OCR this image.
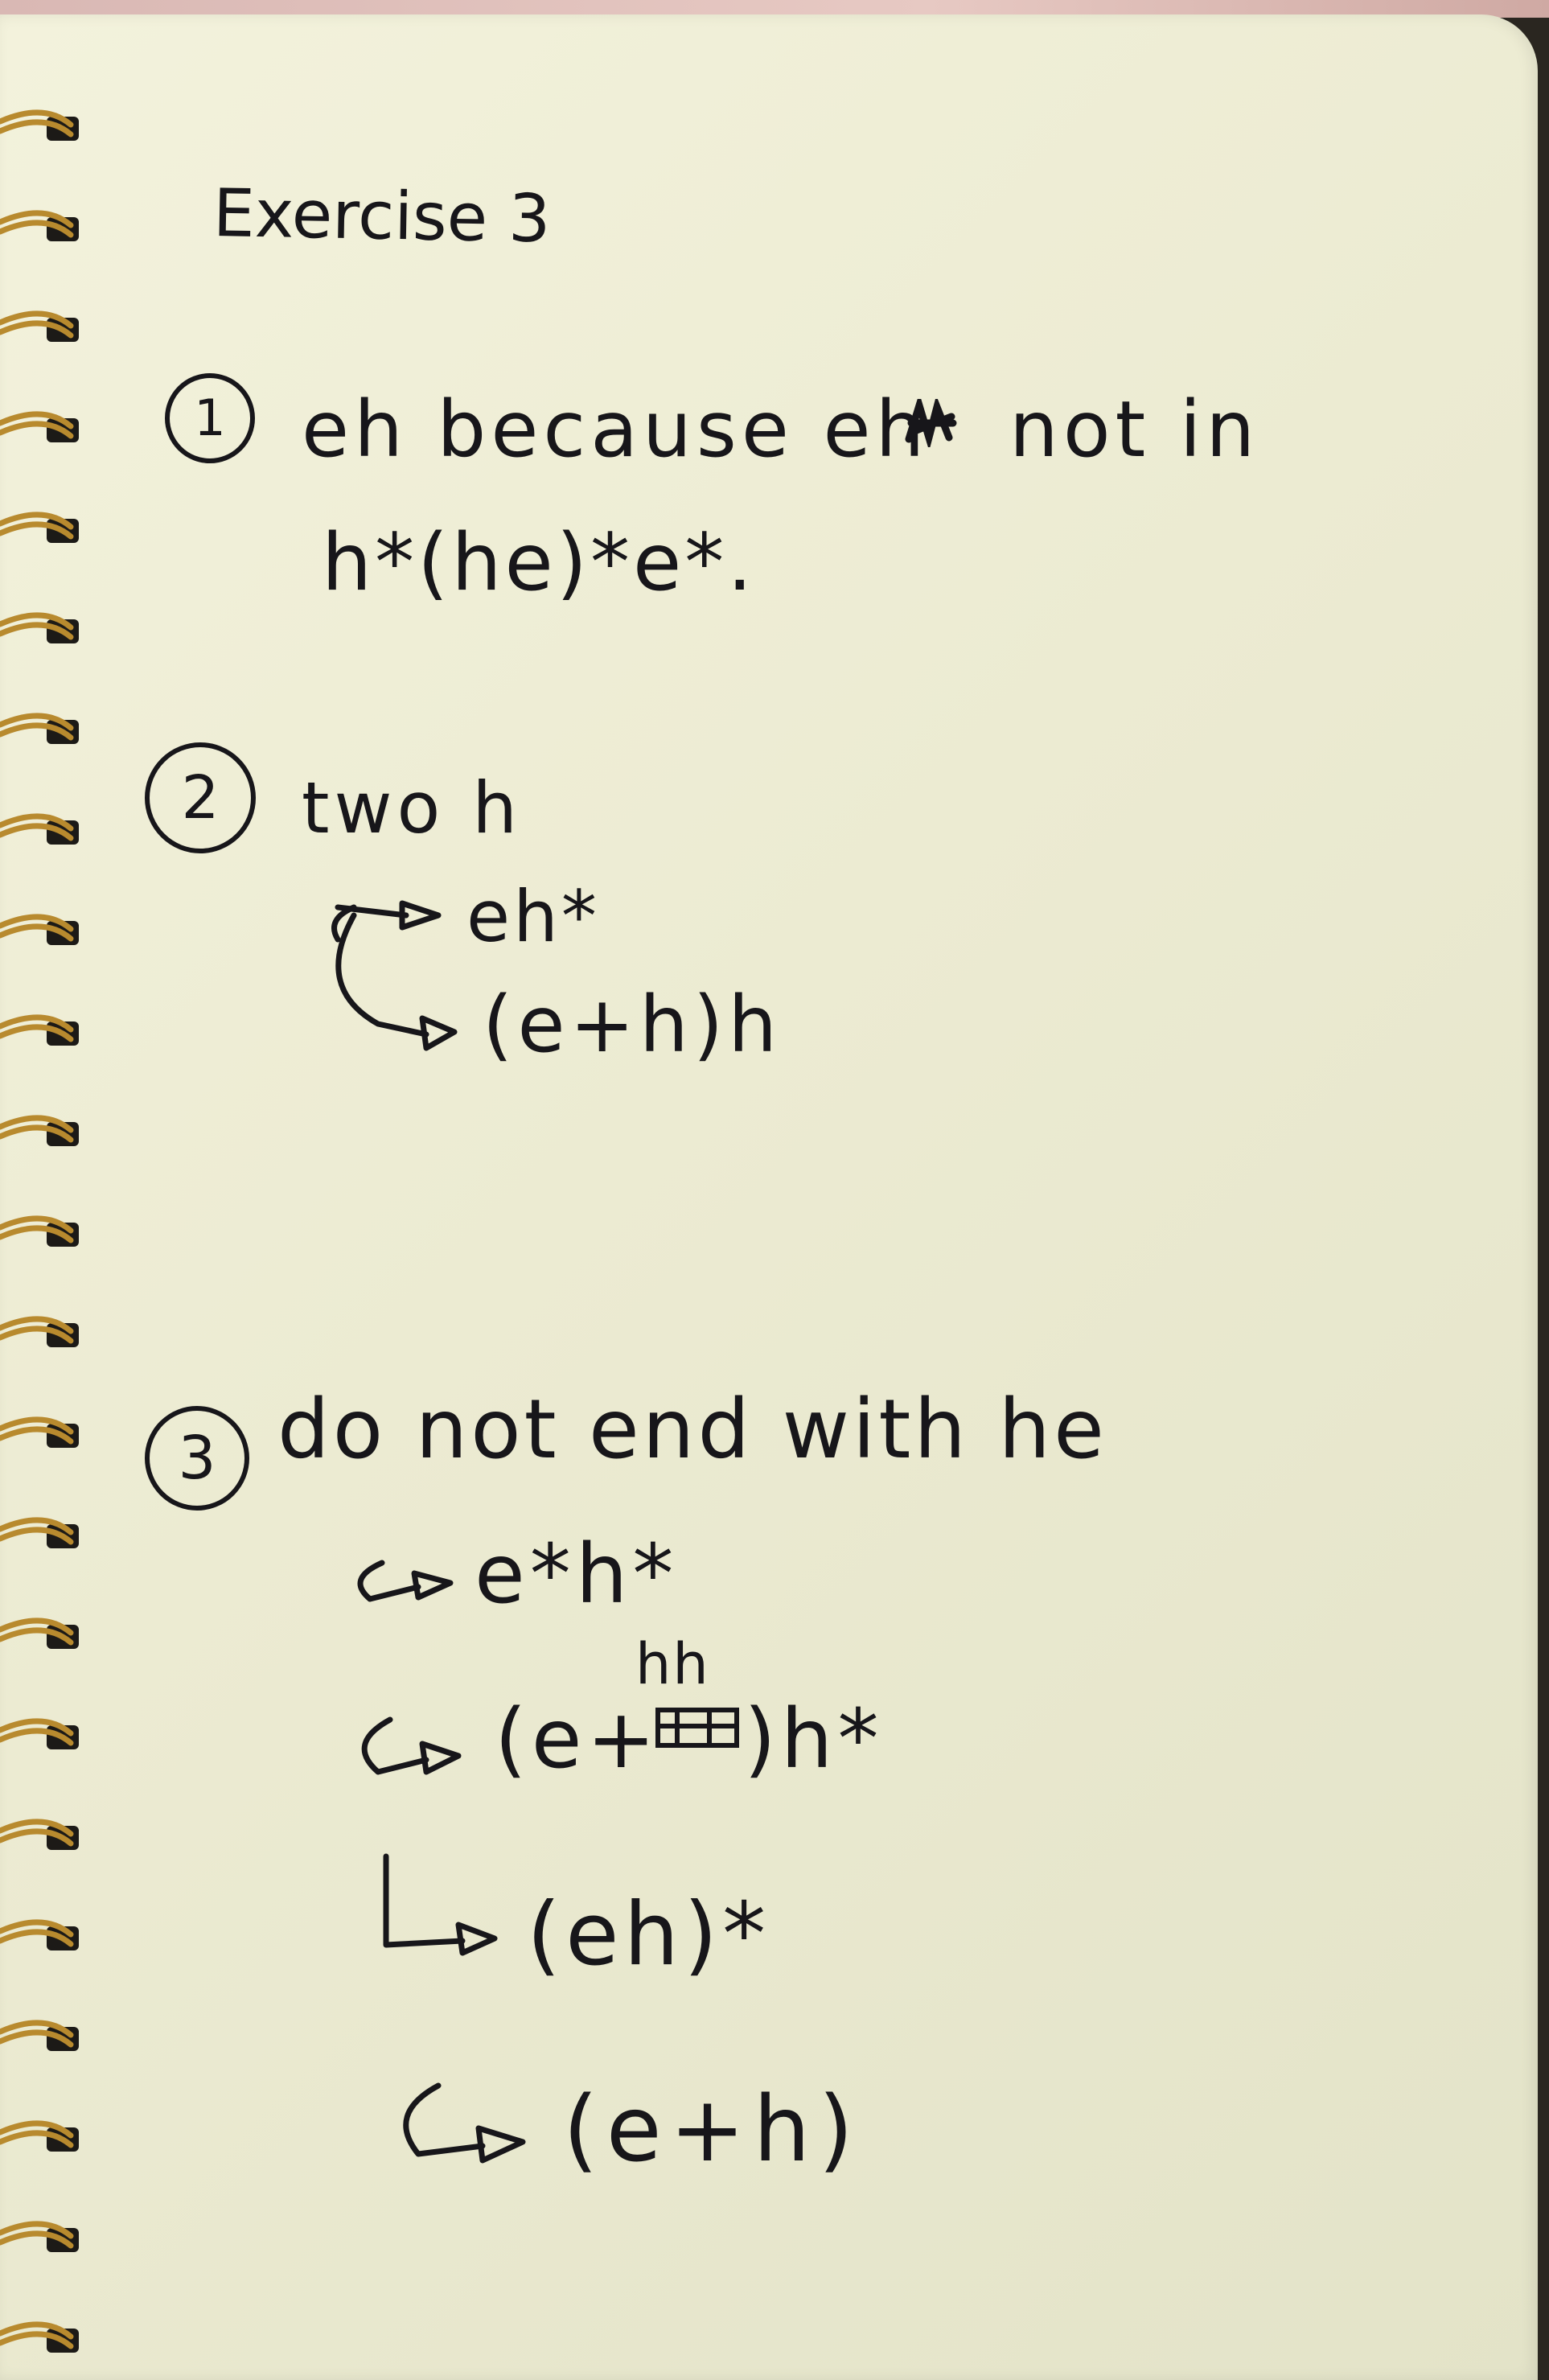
Exercise 3
1 eh because eh not in
h*(he)*e*.
2	two h
eh*
(e+h)h
3 do not end with he
e*h*
hh
(e+ )h*
(eh)*
(e+h)
